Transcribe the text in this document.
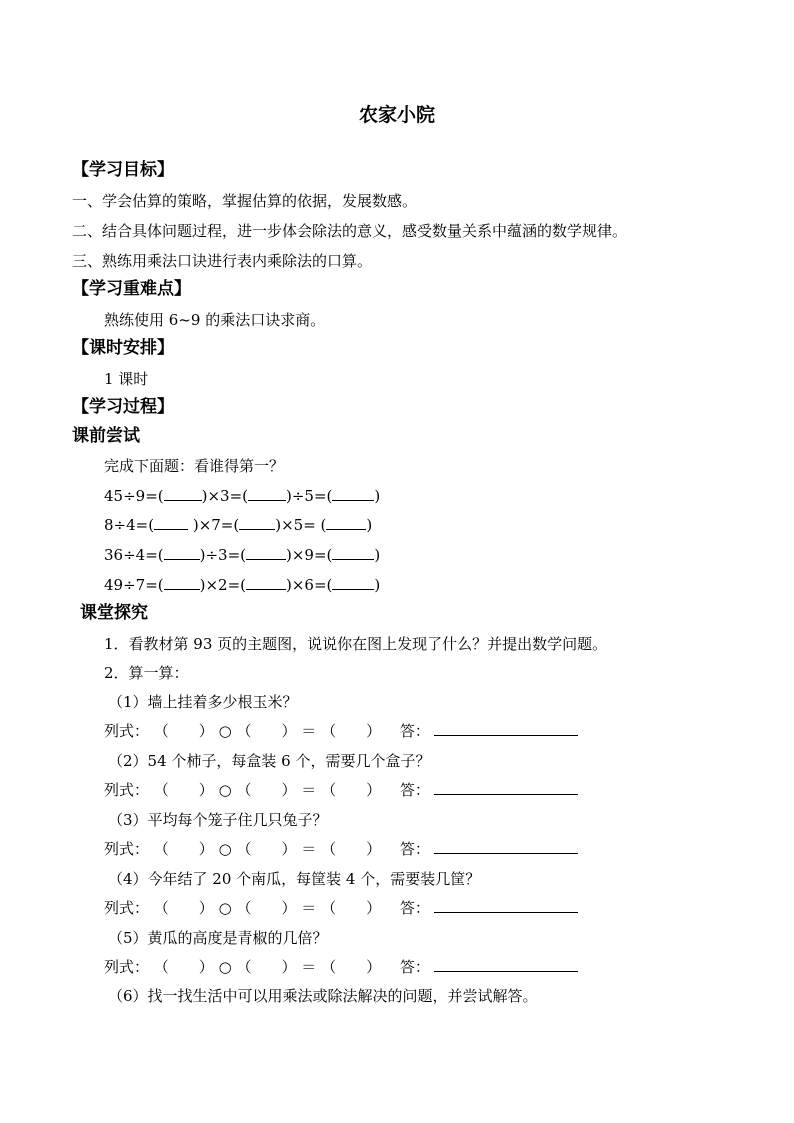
农家小院
【学习目标】
一、学会估算的策略，掌握估算的依据，发展数感。
二、结合具体问题过程，进一步体会除法的意义，感受数量关系中蕴涵的数学规律。
三、熟练用乘法口诀进行表内乘除法的口算。
【学习重难点】
熟练使用 6~9 的乘法口诀求商。
【课时安排】
1 课时
【学习过程】
课前尝试
完成下面题：看谁得第一？
45÷9=(	)×3=(	)÷5=(	)
8÷4=( )×7=( )×5= (	)
36÷4=( )÷3=(	)×9=(	)
49÷7=( )×2=(	)×6=(	)
课堂探究
1．看教材第 93 页的主题图，说说你在图上发现了什么？并提出数学问题。
2．算一算：
（1）墙上挂着多少根玉米？
列式： （　　） ○ （　　） ＝ （　　） 答：
（2）54 个柿子，每盒装 6 个，需要几个盒子？
列式： （　　） ○ （　　） ＝ （　　） 答：
（3）平均每个笼子住几只兔子？
列式： （　　） ○ （　　） ＝ （　　） 答：
（4）今年结了 20 个南瓜，每筐装 4 个，需要装几筐？
列式： （　　） ○ （　　） ＝ （　　） 答：
（5）黄瓜的高度是青椒的几倍？
列式： （　　） ○ （　　） ＝ （　　） 答：
（6）找一找生活中可以用乘法或除法解决的问题，并尝试解答。
